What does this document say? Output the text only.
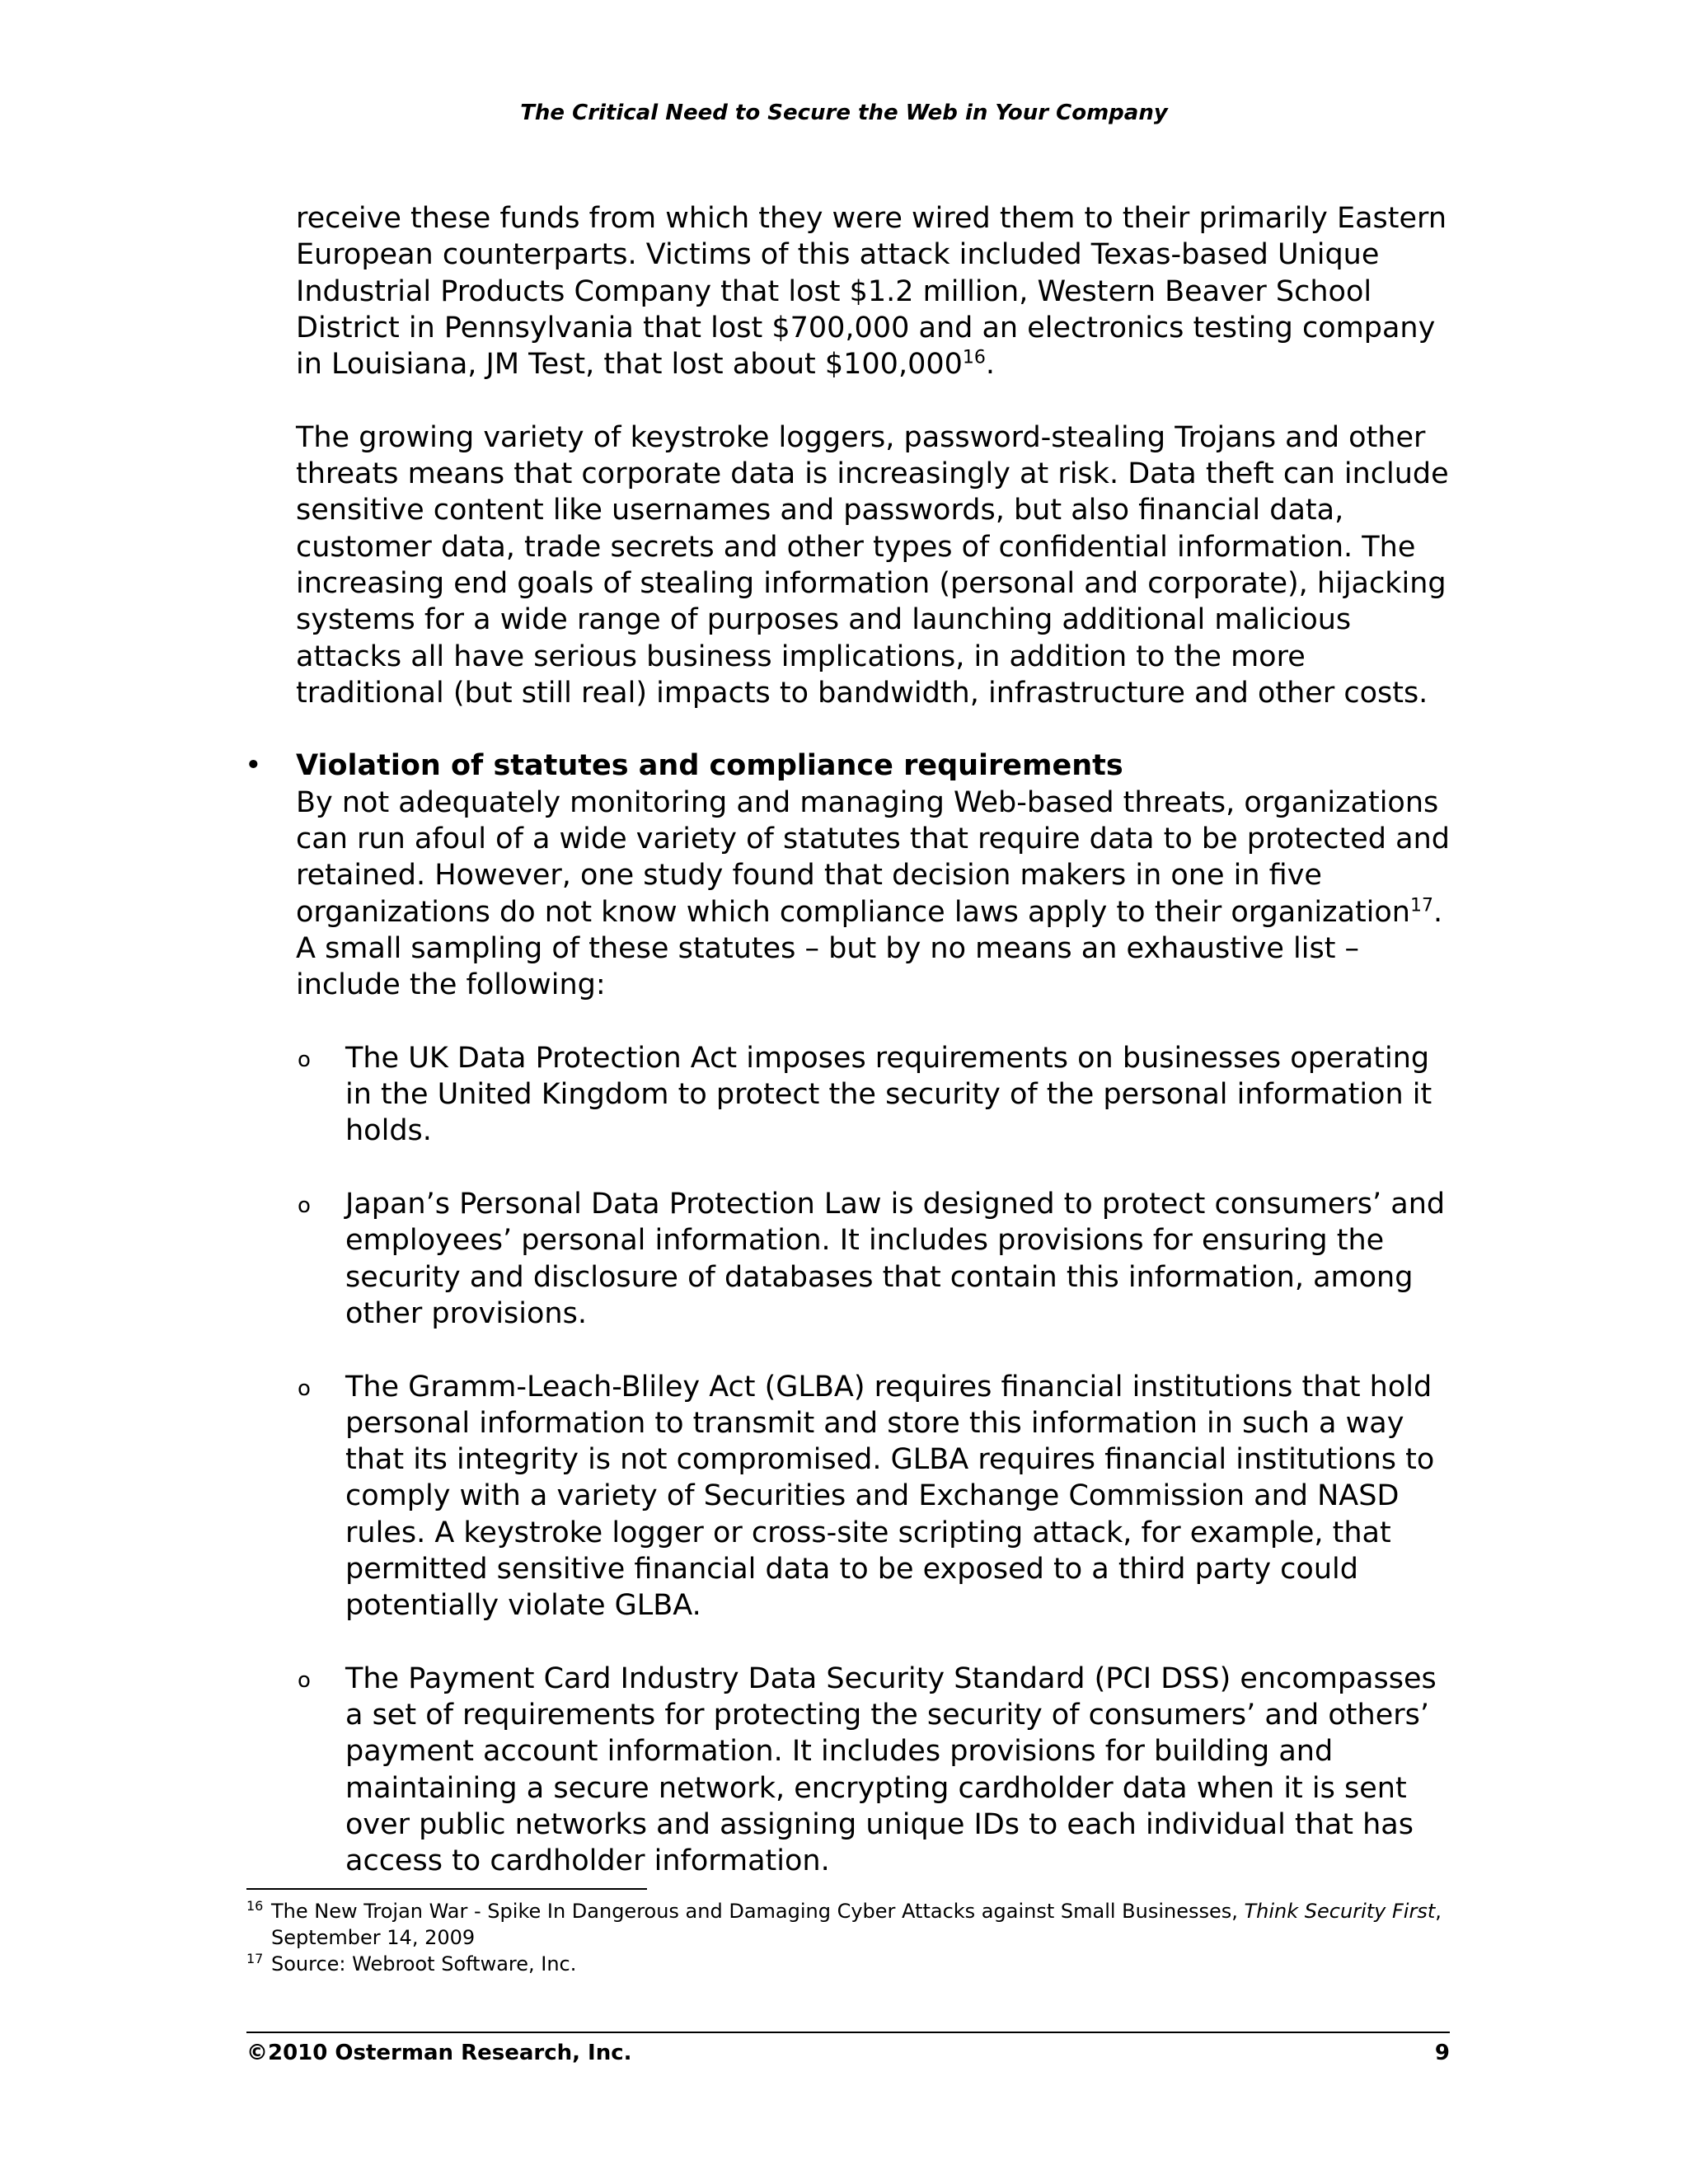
The Critical Need to Secure the Web in Your Company

receive these funds from which they were wired them to their primarily Eastern European counterparts. Victims of this attack included Texas-based Unique Industrial Products Company that lost $1.2 million, Western Beaver School District in Pennsylvania that lost $700,000 and an electronics testing company in Louisiana, JM Test, that lost about $100,000$^{16}$.

The growing variety of keystroke loggers, password-stealing Trojans and other threats means that corporate data is increasingly at risk. Data theft can include sensitive content like usernames and passwords, but also financial data, customer data, trade secrets and other types of confidential information. The increasing end goals of stealing information (personal and corporate), hijacking systems for a wide range of purposes and launching additional malicious attacks all have serious business implications, in addition to the more traditional (but still real) impacts to bandwidth, infrastructure and other costs.

• Violation of statutes and compliance requirements

By not adequately monitoring and managing Web-based threats, organizations can run afoul of a wide variety of statutes that require data to be protected and retained. However, one study found that decision makers in one in five organizations do not know which compliance laws apply to their organization$^{17}$. A small sampling of these statutes – but by no means an exhaustive list – include the following:

o The UK Data Protection Act imposes requirements on businesses operating in the United Kingdom to protect the security of the personal information it holds.
o Japan’s Personal Data Protection Law is designed to protect consumers’ and employees’ personal information. It includes provisions for ensuring the security and disclosure of databases that contain this information, among other provisions.
o The Gramm-Leach-Bliley Act (GLBA) requires financial institutions that hold personal information to transmit and store this information in such a way that its integrity is not compromised. GLBA requires financial institutions to comply with a variety of Securities and Exchange Commission and NASD rules. A keystroke logger or cross-site scripting attack, for example, that permitted sensitive financial data to be exposed to a third party could potentially violate GLBA.
o The Payment Card Industry Data Security Standard (PCI DSS) encompasses a set of requirements for protecting the security of consumers’ and others’ payment account information. It includes provisions for building and maintaining a secure network, encrypting cardholder data when it is sent over public networks and assigning unique IDs to each individual that has access to cardholder information.
16 The New Trojan War - Spike In Dangerous and Damaging Cyber Attacks against Small Businesses, Think Security First, September 14, 2009
17 Source: Webroot Software, Inc.
©2010 Osterman Research, Inc.	9
